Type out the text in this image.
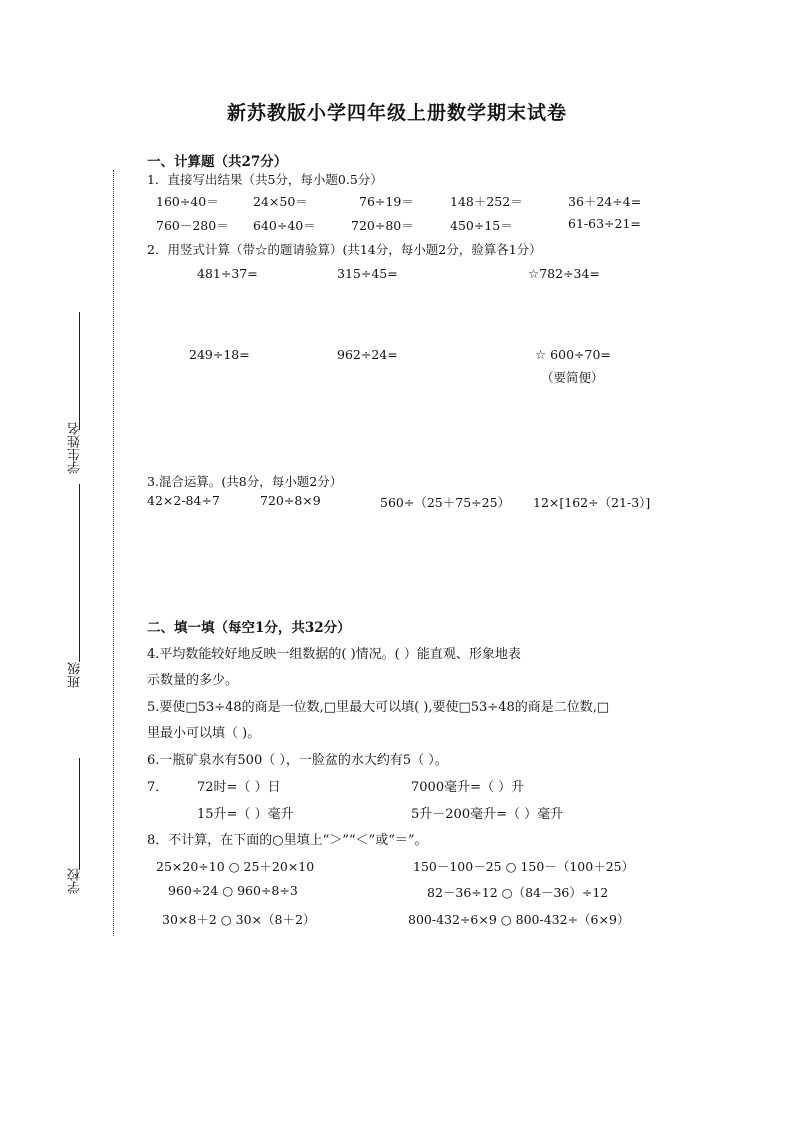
新苏教版小学四年级上册数学期末试卷
学生姓名
班级
学校
一、计算题（共27分）
1．直接写出结果（共5分，每小题0.5分）
160÷40＝	24×50＝	76÷19＝	148＋252＝	36＋24÷4=
760－280＝ 640÷40＝	720÷80＝	450÷15＝	61-63÷21=
2．用竖式计算（带☆的题请验算）(共14分，每小题2分，验算各1分）
481÷37=	315÷45=	☆782÷34=
249÷18=	962÷24=	☆ 600÷70=
（要简便）
3.混合运算。(共8分，每小题2分）
42×2-84÷7	720÷8×9	560÷（25＋75÷25） 12×[162÷（21-3）]
二、填一填（每空1分，共32分）
4.平均数能较好地反映一组数据的( )情况。( ）能直观、形象地表
示数量的多少。
5.要使□53÷48的商是一位数,□里最大可以填( ),要使□53÷48的商是二位数,□
里最小可以填（ )。
6.一瓶矿泉水有500（ ），一脸盆的水大约有5（ ）。
7． 72时=（ ）日	7000毫升=（ ）升
15升=（ ）毫升	5升－200毫升=（ ）毫升
8．不计算，在下面的○里填上“＞”“＜”或“＝”。
25×20÷10 ○ 25＋20×10	150－100－25 ○ 150－（100＋25）
960÷24 ○ 960÷8÷3	82－36÷12 ○（84－36）÷12
30×8＋2 ○ 30×（8＋2）	800-432÷6×9 ○ 800-432÷（6×9）
